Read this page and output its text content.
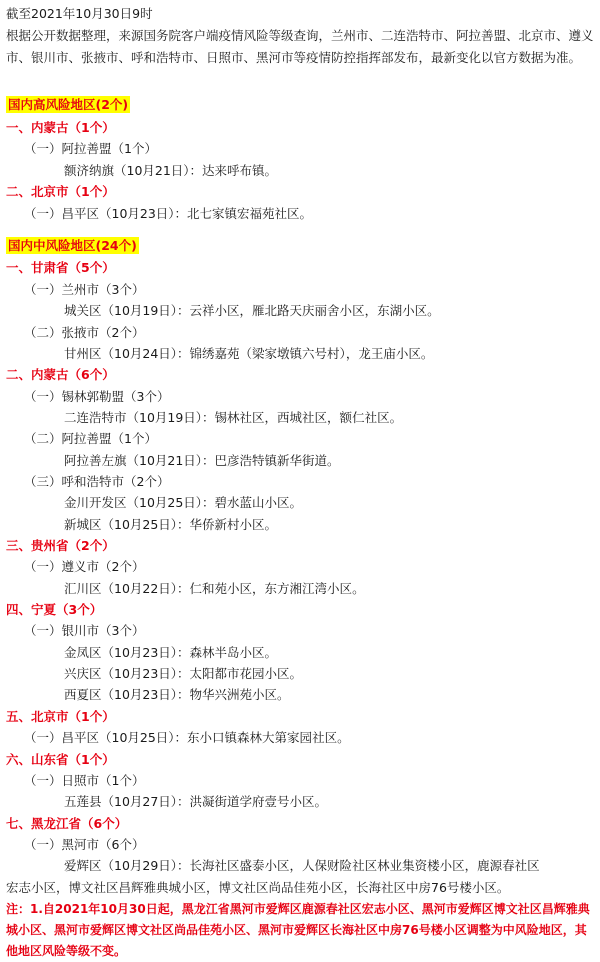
截至2021年10月30日9时
根据公开数据整理，来源国务院客户端疫情风险等级查询，兰州市、二连浩特市、阿拉善盟、北京市、遵义市、银川市、张掖市、呼和浩特市、日照市、黑河市等疫情防控指挥部发布，最新变化以官方数据为准。
国内高风险地区(2个)
一、内蒙古（1个）
（一）阿拉善盟（1个）
额济纳旗（10月21日）：达来呼布镇。
二、北京市（1个）
（一）昌平区（10月23日）：北七家镇宏福苑社区。
国内中风险地区(24个)
一、甘肃省（5个）
（一）兰州市（3个）
城关区（10月19日）：云祥小区，雁北路天庆丽舍小区，东湖小区。
（二）张掖市（2个）
甘州区（10月24日）：锦绣嘉苑（梁家墩镇六号村），龙王庙小区。
二、内蒙古（6个）
（一）锡林郭勒盟（3个）
二连浩特市（10月19日）：锡林社区，西城社区，额仁社区。
（二）阿拉善盟（1个）
阿拉善左旗（10月21日）：巴彦浩特镇新华街道。
（三）呼和浩特市（2个）
金川开发区（10月25日）：碧水蓝山小区。
新城区（10月25日）：华侨新村小区。
三、贵州省（2个）
（一）遵义市（2个）
汇川区（10月22日）：仁和苑小区，东方湘江湾小区。
四、宁夏（3个）
（一）银川市（3个）
金凤区（10月23日）：森林半岛小区。
兴庆区（10月23日）：太阳都市花园小区。
西夏区（10月23日）：物华兴洲苑小区。
五、北京市（1个）
（一）昌平区（10月25日）：东小口镇森林大第家园社区。
六、山东省（1个）
（一）日照市（1个）
五莲县（10月27日）：洪凝街道学府壹号小区。
七、黑龙江省（6个）
（一）黑河市（6个）
爱辉区（10月29日）：长海社区盛泰小区，人保财险社区林业集资楼小区，鹿源春社区
宏志小区，博文社区昌辉雅典城小区，博文社区尚品佳苑小区，长海社区中房76号楼小区。
注：1.自2021年10月30日起，黑龙江省黑河市爱辉区鹿源春社区宏志小区、黑河市爱辉区博文社区昌辉雅典城小区、黑河市爱辉区博文社区尚品佳苑小区、黑河市爱辉区长海社区中房76号楼小区调整为中风险地区，其他地区风险等级不变。
